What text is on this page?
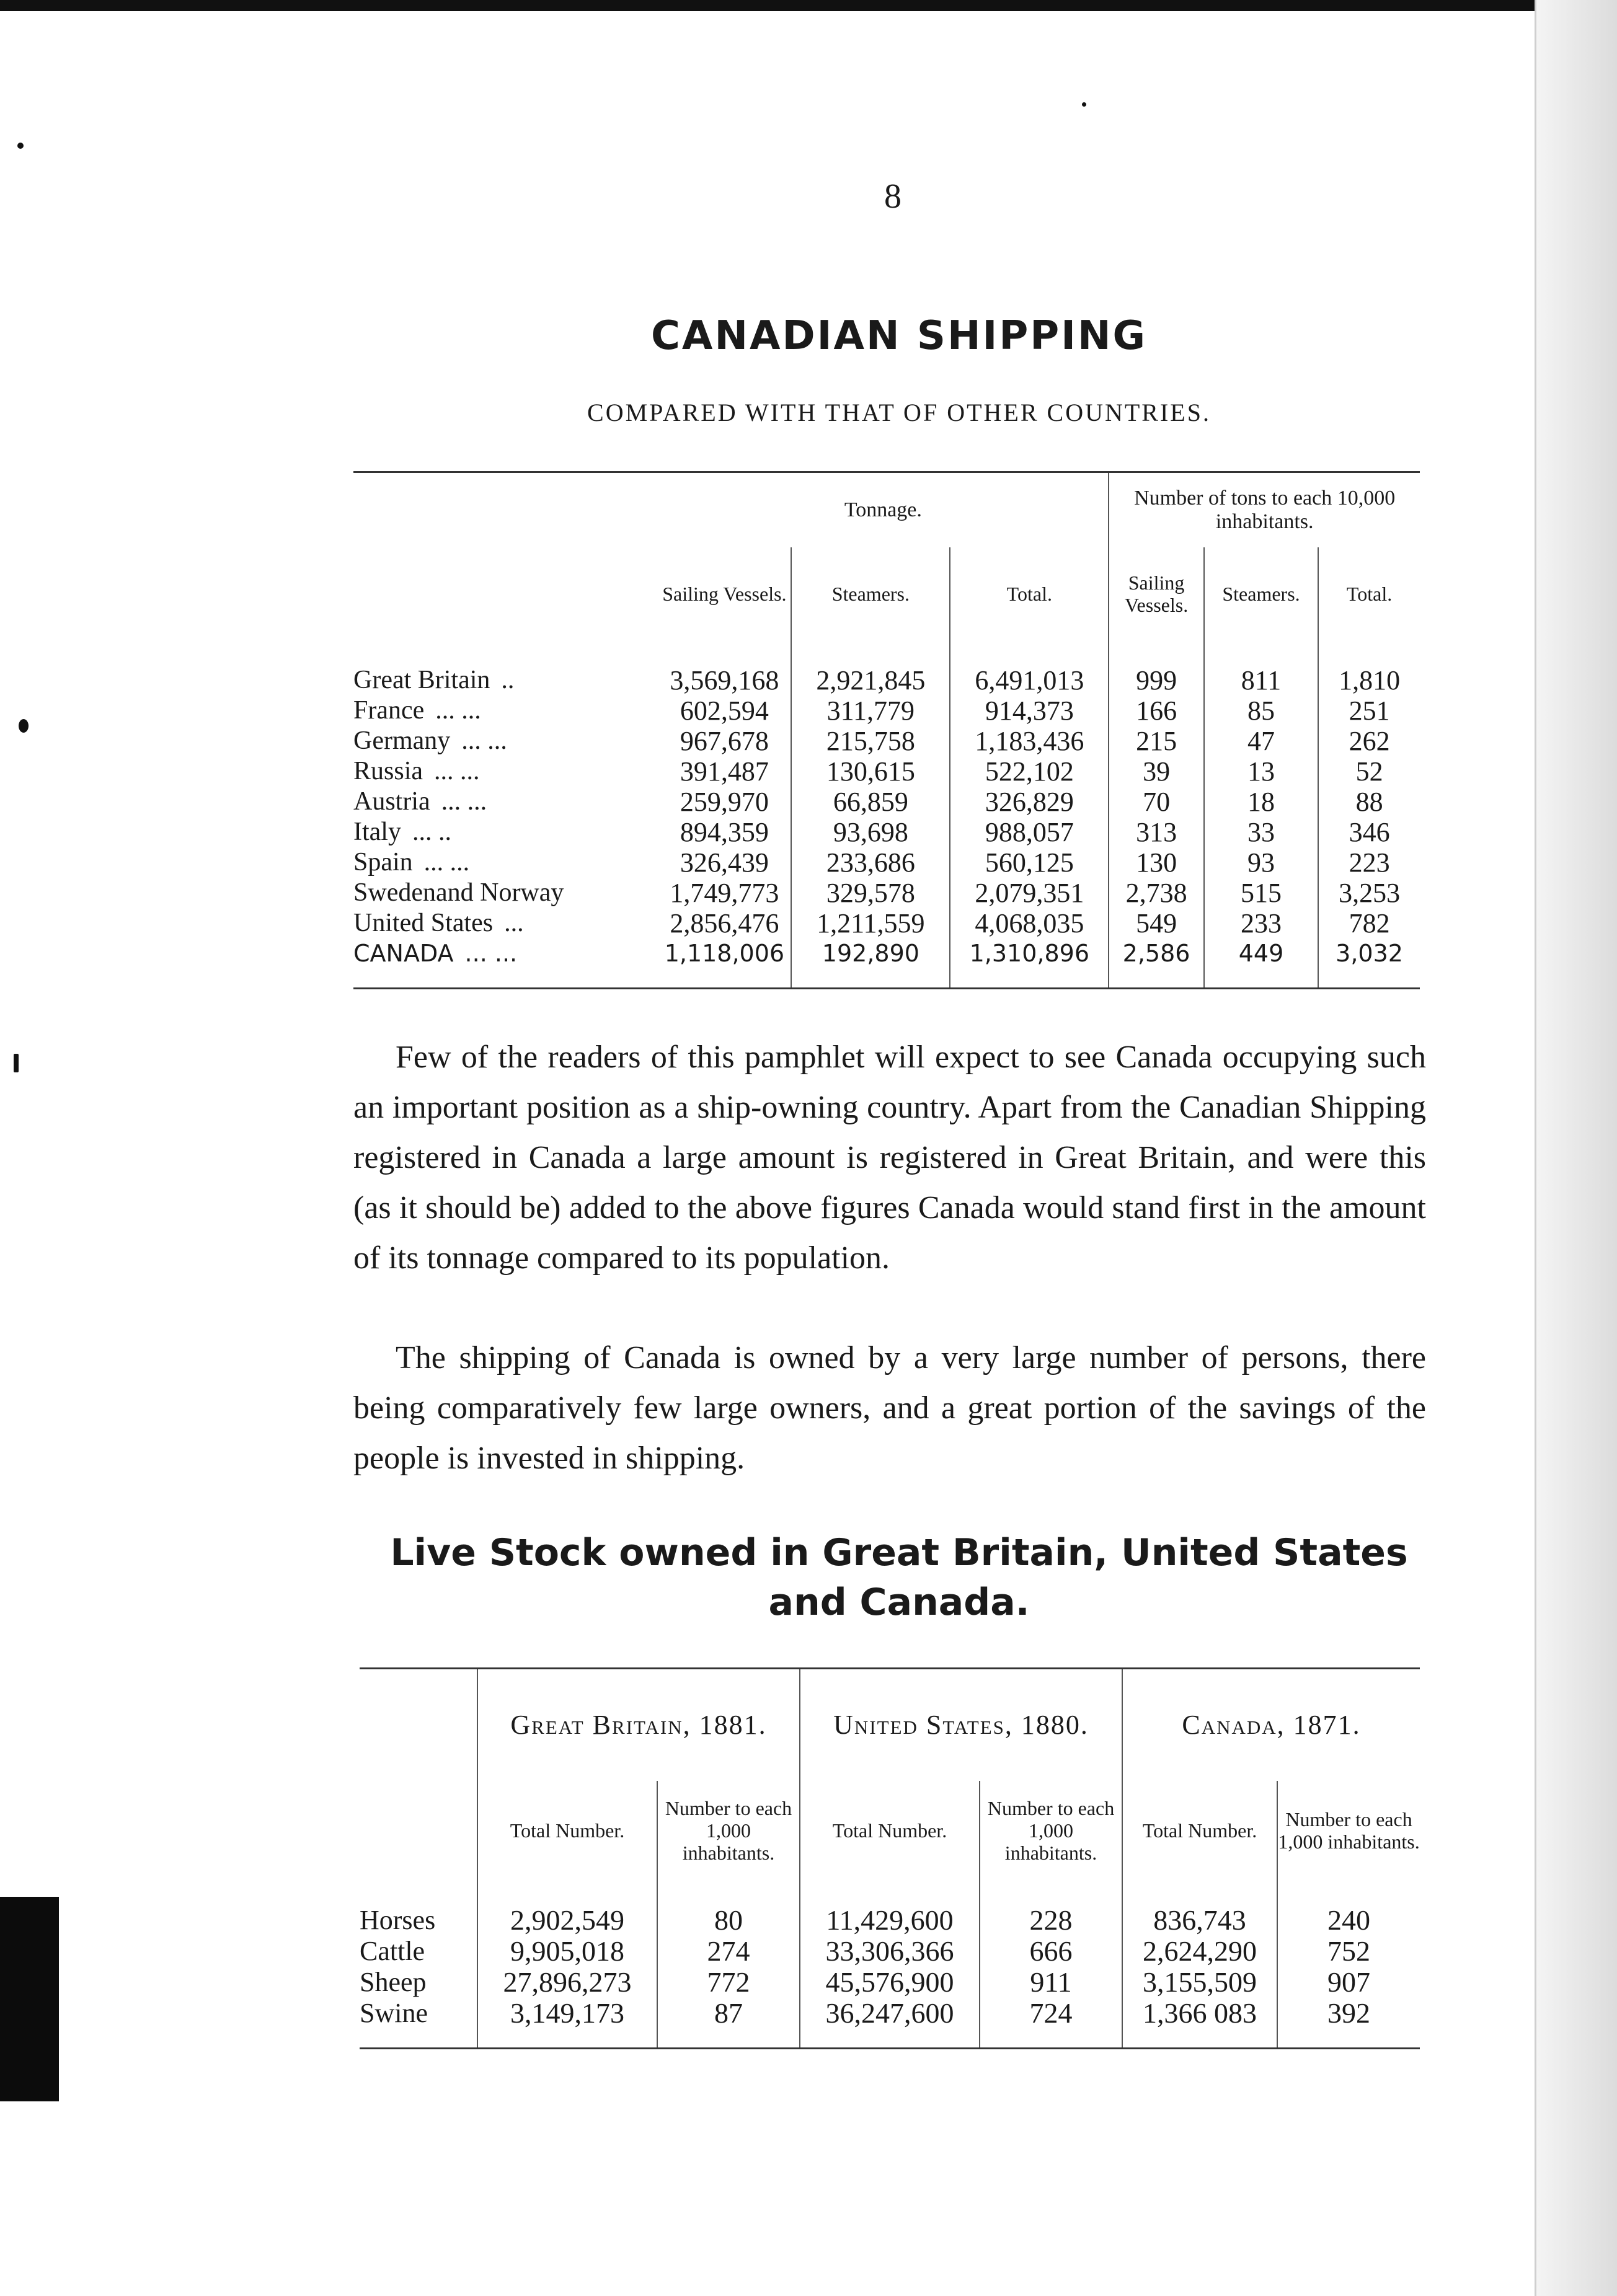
8
CANADIAN SHIPPING
COMPARED WITH THAT OF OTHER COUNTRIES.
	Tonnage.			Number of tons to each 10,000 inhabitants.		
	Sailing Vessels.	Steamers.	Total.	Sailing Vessels.	Steamers.	Total.

Great Britain ..	3,569,168	2,921,845	6,491,013	999	811	1,810
France ... ...	602,594	311,779	914,373	166	85	251
Germany ... ...	967,678	215,758	1,183,436	215	47	262
Russia ... ...	391,487	130,615	522,102	39	13	52
Austria ... ...	259,970	66,859	326,829	70	18	88
Italy ... ..	894,359	93,698	988,057	313	33	346
Spain ... ...	326,439	233,686	560,125	130	93	223
Swedenand Norway	1,749,773	329,578	2,079,351	2,738	515	3,253
United States ...	2,856,476	1,211,559	4,068,035	549	233	782
CANADA ... ...	1,118,006	192,890	1,310,896	2,586	449	3,032

Few of the readers of this pamphlet will expect to see Canada occupying such an important position as a ship-owning country. Apart from the Canadian Shipping registered in Canada a large amount is registered in Great Britain, and were this (as it should be) added to the above figures Canada would stand first in the amount of its tonnage compared to its population.

The shipping of Canada is owned by a very large number of persons, there being comparatively few large owners, and a great portion of the savings of the people is invested in shipping.

Live Stock owned in Great Britain, United States and Canada.
	Great Britain, 1881.		United States, 1880.		Canada, 1871.	
	Total Number.	Number to each 1,000 inhabitants.	Total Number.	Number to each 1,000 inhabitants.	Total Number.	Number to each 1,000 inhabitants.

Horses	2,902,549	80	11,429,600	228	836,743	240
Cattle	9,905,018	274	33,306,366	666	2,624,290	752
Sheep	27,896,273	772	45,576,900	911	3,155,509	907
Swine	3,149,173	87	36,247,600	724	1,366 083	392
